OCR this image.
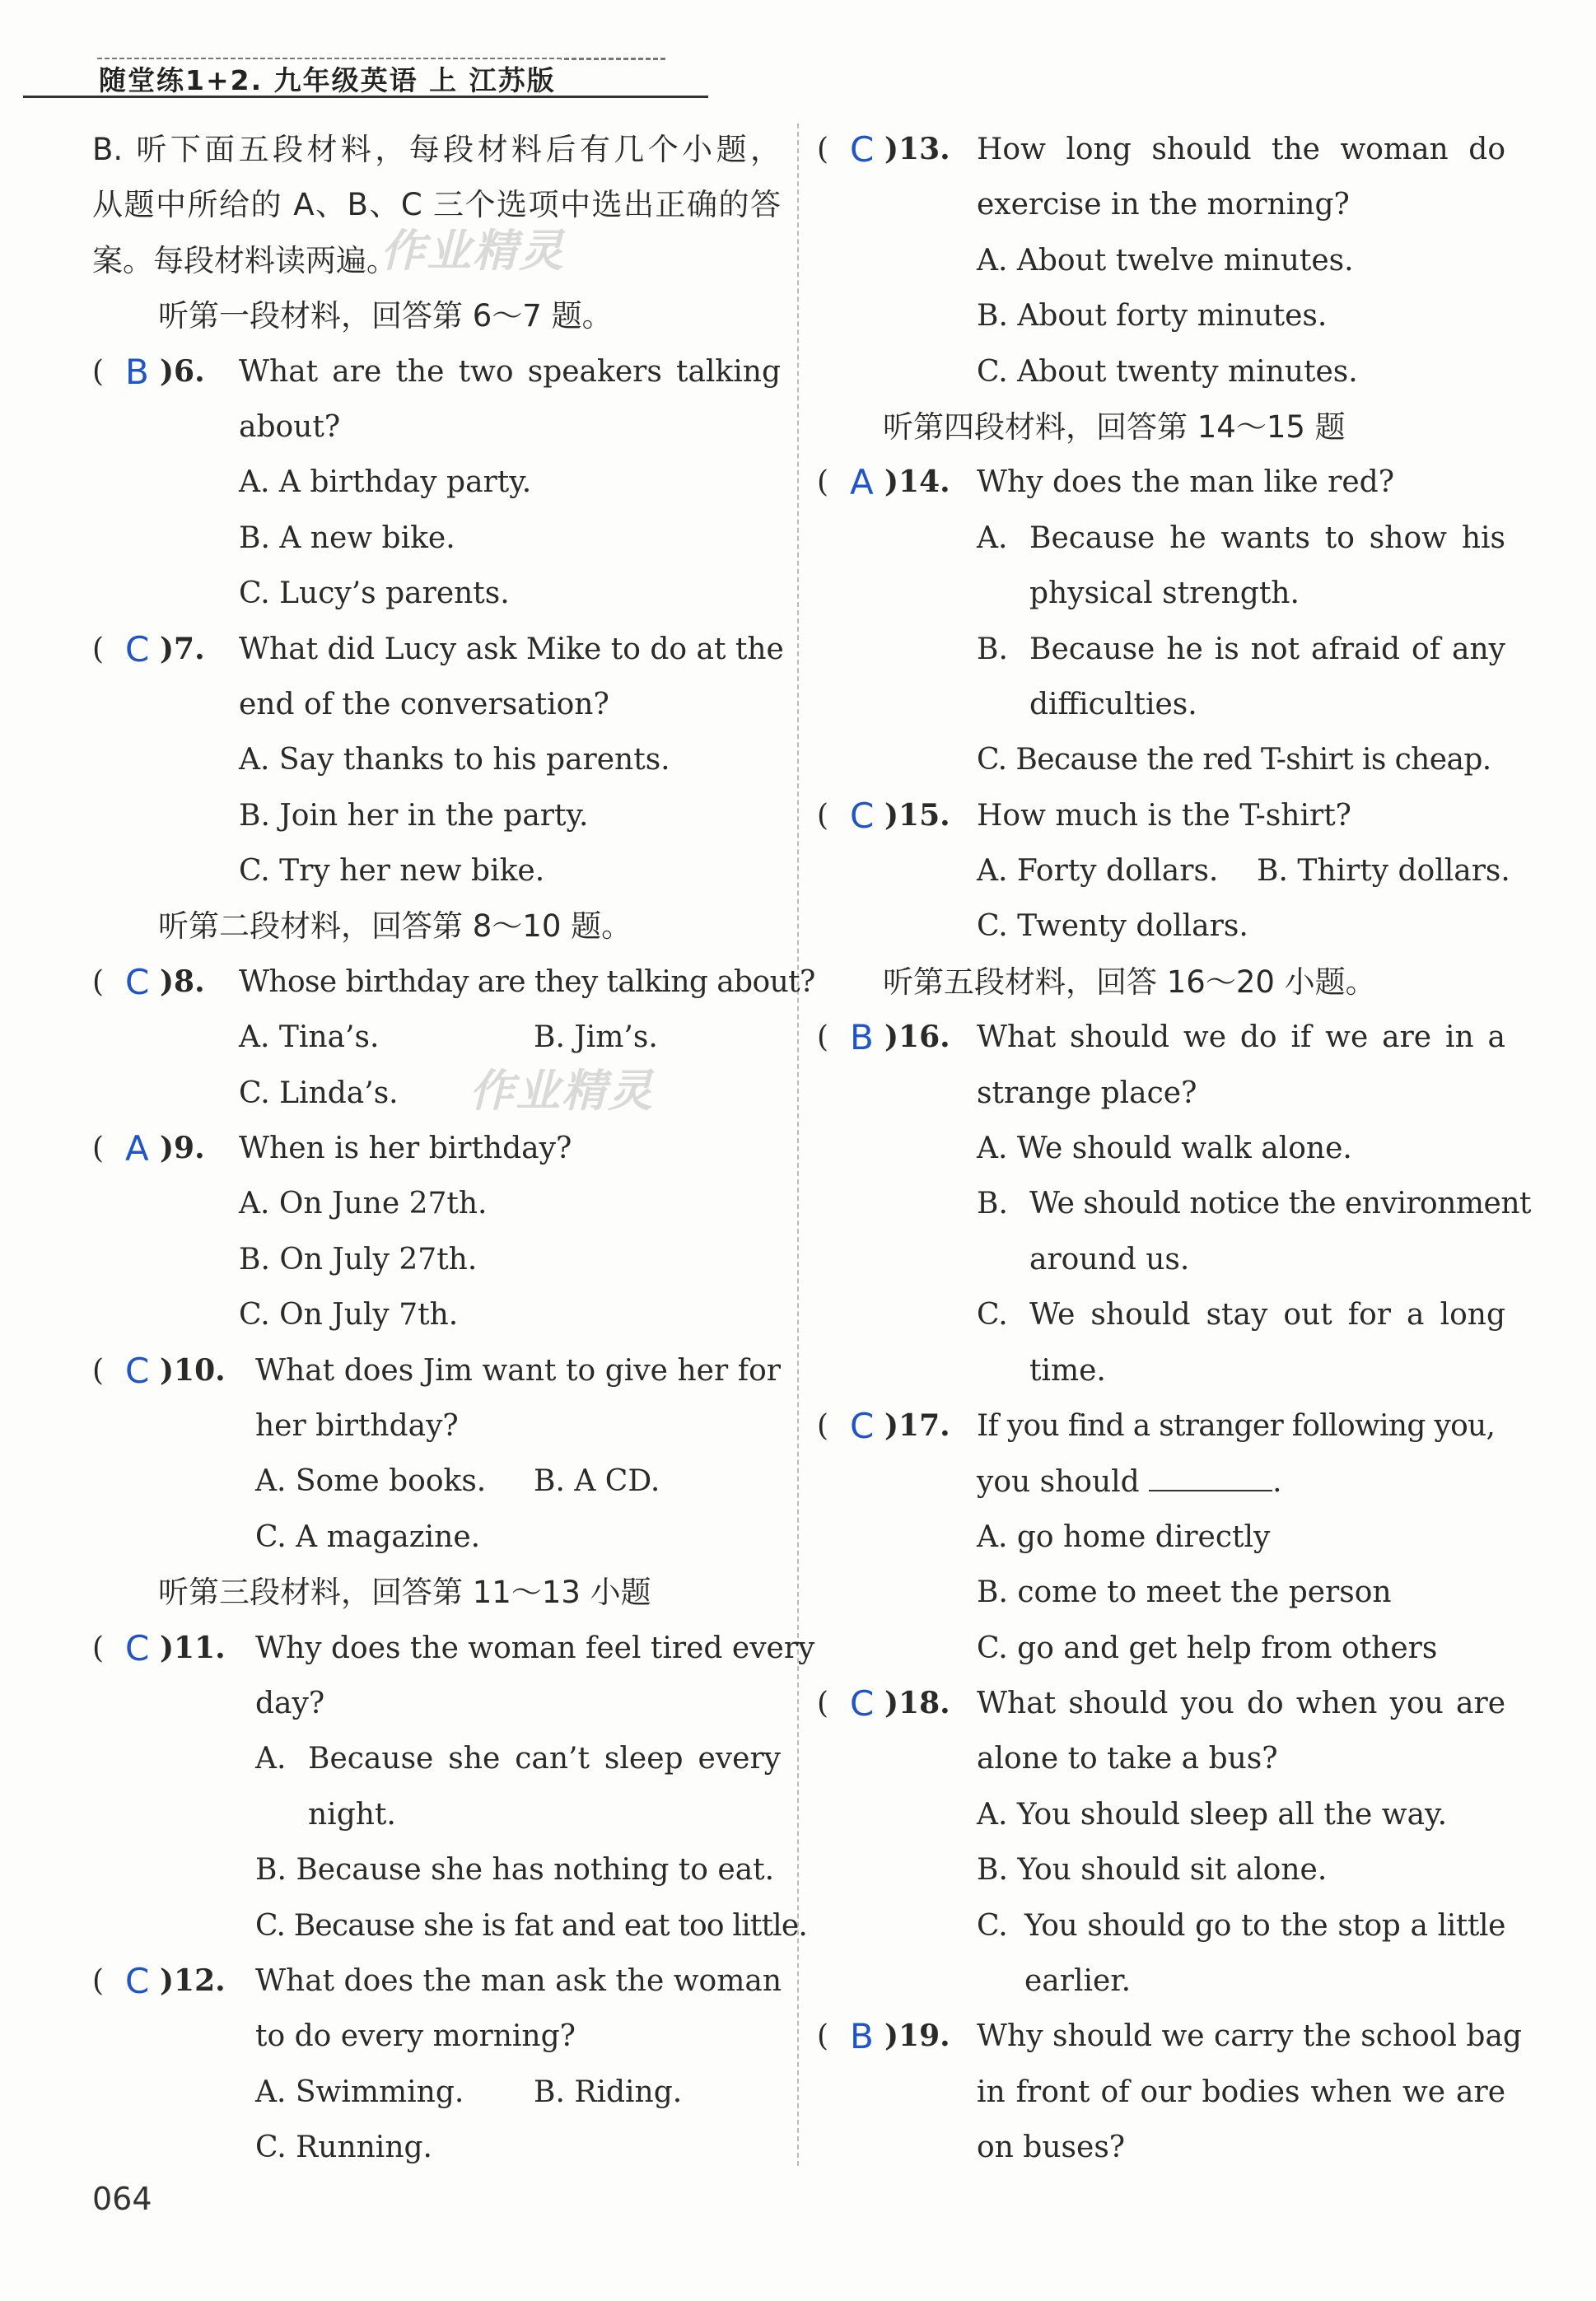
随堂练1+2. 九年级英语 上 江苏版
作业精灵
作业精灵
B. 听下面五段材料，每段材料后有几个小题，
从题中所给的 A、B、C 三个选项中选出正确的答
案。每段材料读两遍。
听第一段材料，回答第 6～7 题。
( B )6. What are the two speakers talking
about?
A. A birthday party.
B. A new bike.
C. Lucy’s parents.
( C )7. What did Lucy ask Mike to do at the
end of the conversation?
A. Say thanks to his parents.
B. Join her in the party.
C. Try her new bike.
听第二段材料，回答第 8～10 题。
( C )8. Whose birthday are they talking about?
A. Tina’s.	B. Jim’s.
C. Linda’s.
( A )9. When is her birthday?
A. On June 27th.
B. On July 27th.
C. On July 7th.
( C )10. What does Jim want to give her for
her birthday?
A. Some books. B. A CD.
C. A magazine.
听第三段材料，回答第 11～13 小题
( C )11. Why does the woman feel tired every
day?
A. Because she can’t sleep every
night.
B. Because she has nothing to eat.
C. Because she is fat and eat too little.
( C )12. What does the man ask the woman
to do every morning?
A. Swimming. B. Riding.
C. Running.
( C )13. How long should the woman do
exercise in the morning?
A. About twelve minutes.
B. About forty minutes.
C. About twenty minutes.
听第四段材料，回答第 14～15 题
( A )14. Why does the man like red?
A. Because he wants to show his
physical strength.
B. Because he is not afraid of any
difficulties.
C. Because the red T-shirt is cheap.
( C )15. How much is the T-shirt?
A. Forty dollars. B. Thirty dollars.
C. Twenty dollars.
听第五段材料，回答 16～20 小题。
( B )16. What should we do if we are in a
strange place?
A. We should walk alone.
B. We should notice the environment
around us.
C. We should stay out for a long
time.
( C )17. If you find a stranger following you,
you should	.
A. go home directly
B. come to meet the person
C. go and get help from others
( C )18. What should you do when you are
alone to take a bus?
A. You should sleep all the way.
B. You should sit alone.
C. You should go to the stop a little
earlier.
( B )19. Why should we carry the school bag
in front of our bodies when we are
on buses?
064
